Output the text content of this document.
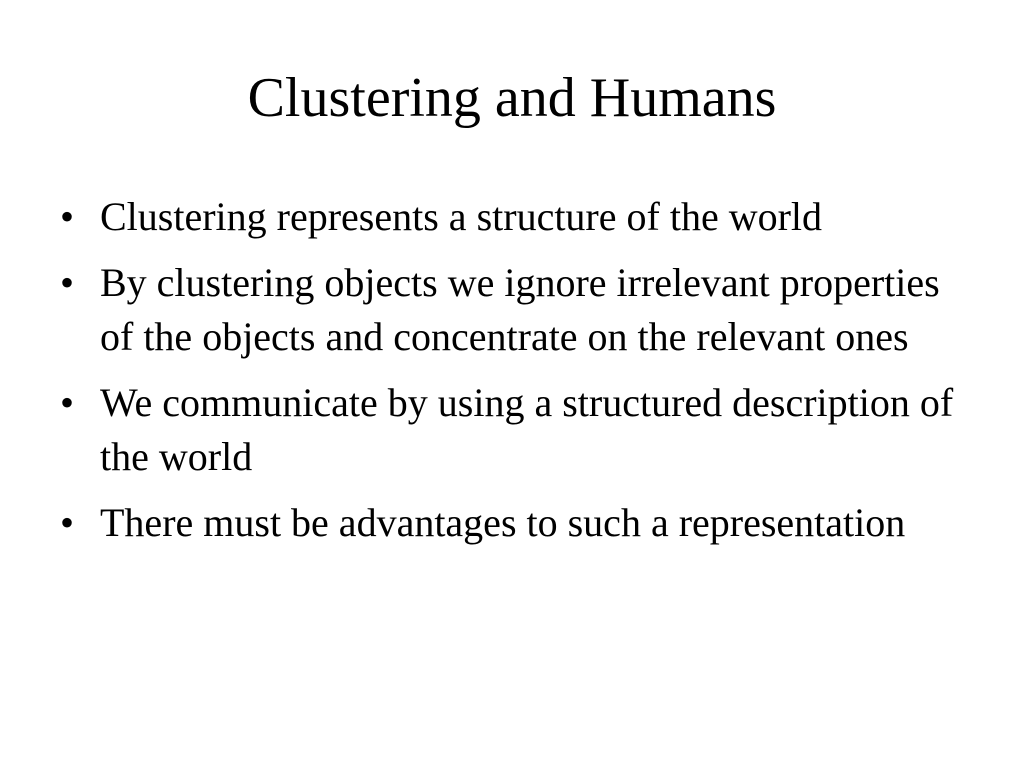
Clustering and Humans
• Clustering represents a structure of the world
• By clustering objects we ignore irrelevant properties of the objects and concentrate on the relevant ones
• We communicate by using a structured description of the world
• There must be advantages to such a representation
